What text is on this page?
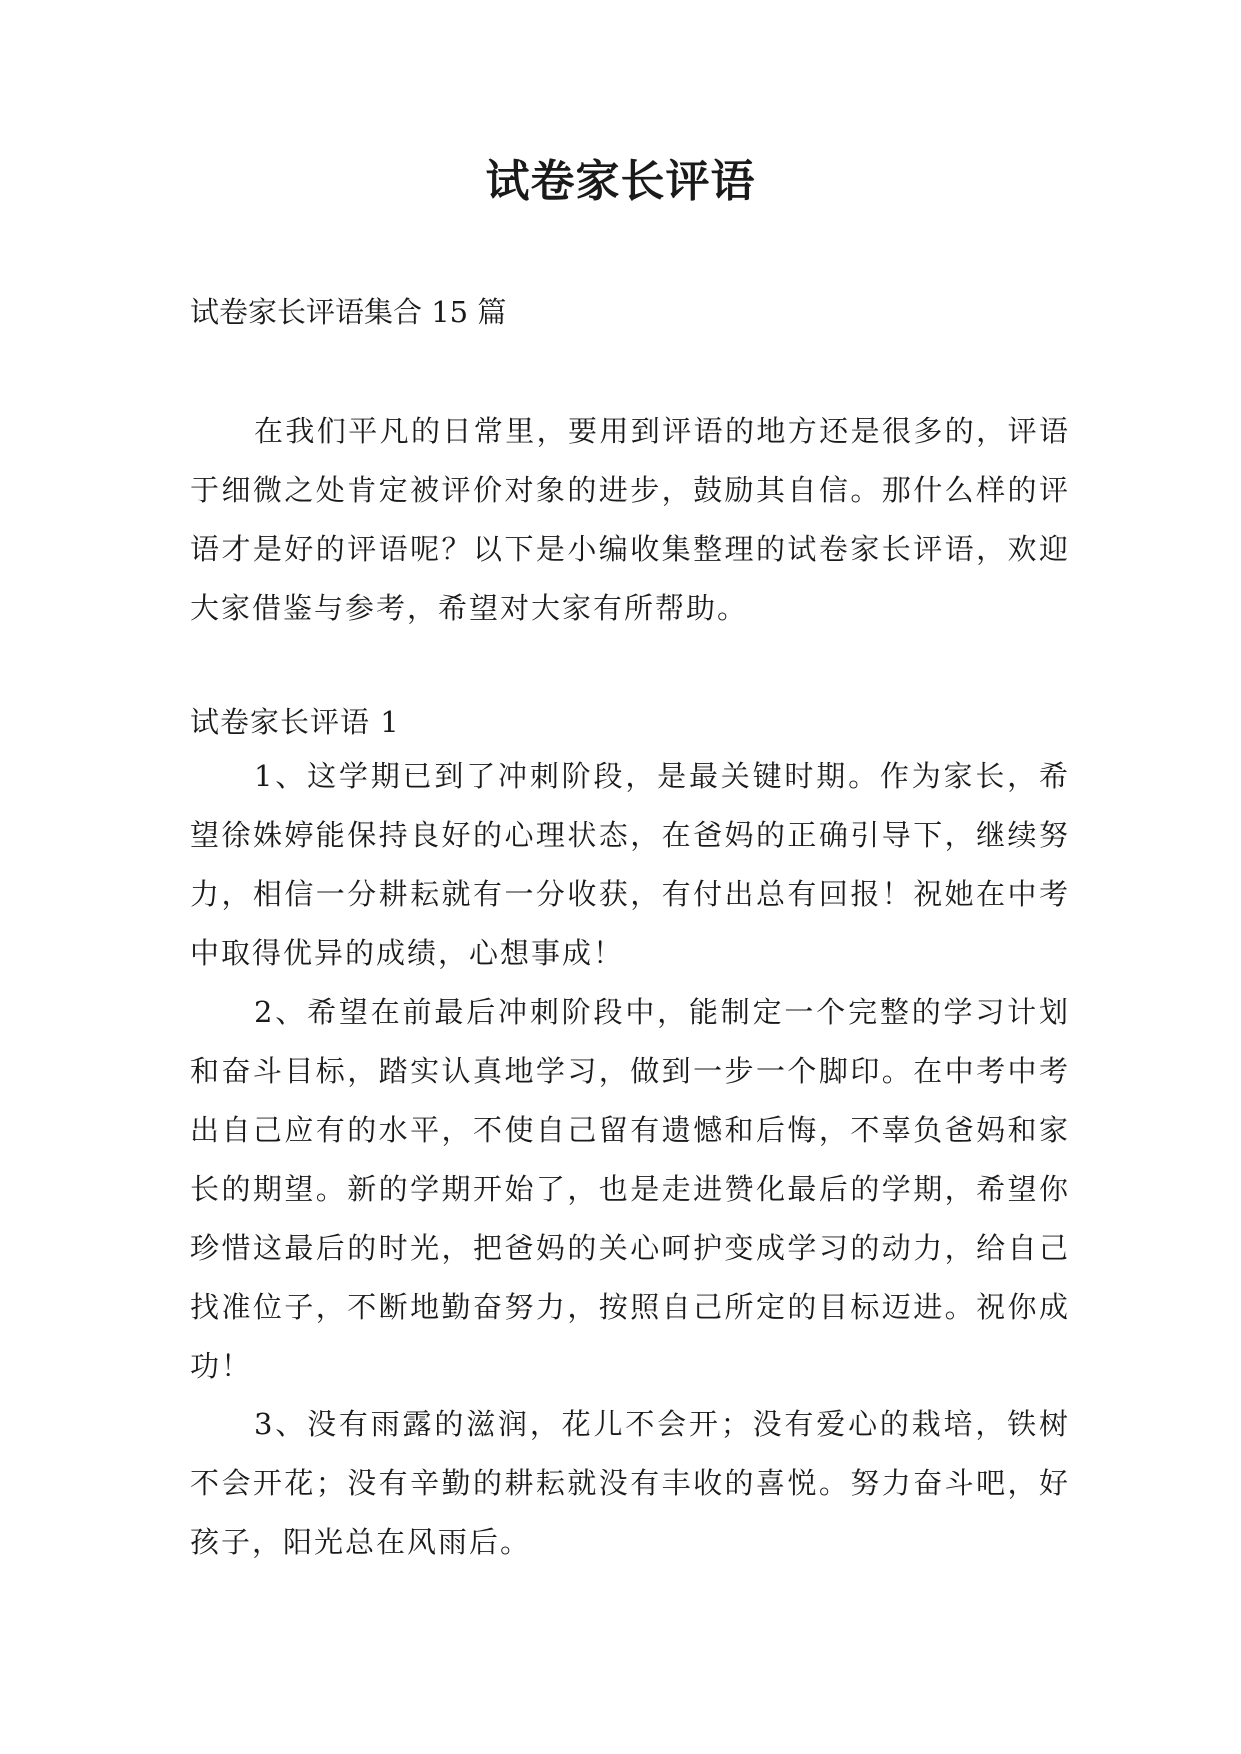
试卷家长评语

试卷家长评语集合 15 篇

在我们平凡的日常里，要用到评语的地方还是很多的，评语于细微之处肯定被评价对象的进步，鼓励其自信。那什么样的评语才是好的评语呢？以下是小编收集整理的试卷家长评语，欢迎大家借鉴与参考，希望对大家有所帮助。

试卷家长评语 1

1、这学期已到了冲刺阶段，是最关键时期。作为家长，希望徐姝婷能保持良好的心理状态，在爸妈的正确引导下，继续努力，相信一分耕耘就有一分收获，有付出总有回报！祝她在中考中取得优异的成绩，心想事成！

2、希望在前最后冲刺阶段中，能制定一个完整的学习计划和奋斗目标，踏实认真地学习，做到一步一个脚印。在中考中考出自己应有的水平，不使自己留有遗憾和后悔，不辜负爸妈和家长的期望。新的学期开始了，也是走进赞化最后的学期，希望你珍惜这最后的时光，把爸妈的关心呵护变成学习的动力，给自己找准位子，不断地勤奋努力，按照自己所定的目标迈进。祝你成功！

3、没有雨露的滋润，花儿不会开；没有爱心的栽培，铁树不会开花；没有辛勤的耕耘就没有丰收的喜悦。努力奋斗吧，好孩子，阳光总在风雨后。
